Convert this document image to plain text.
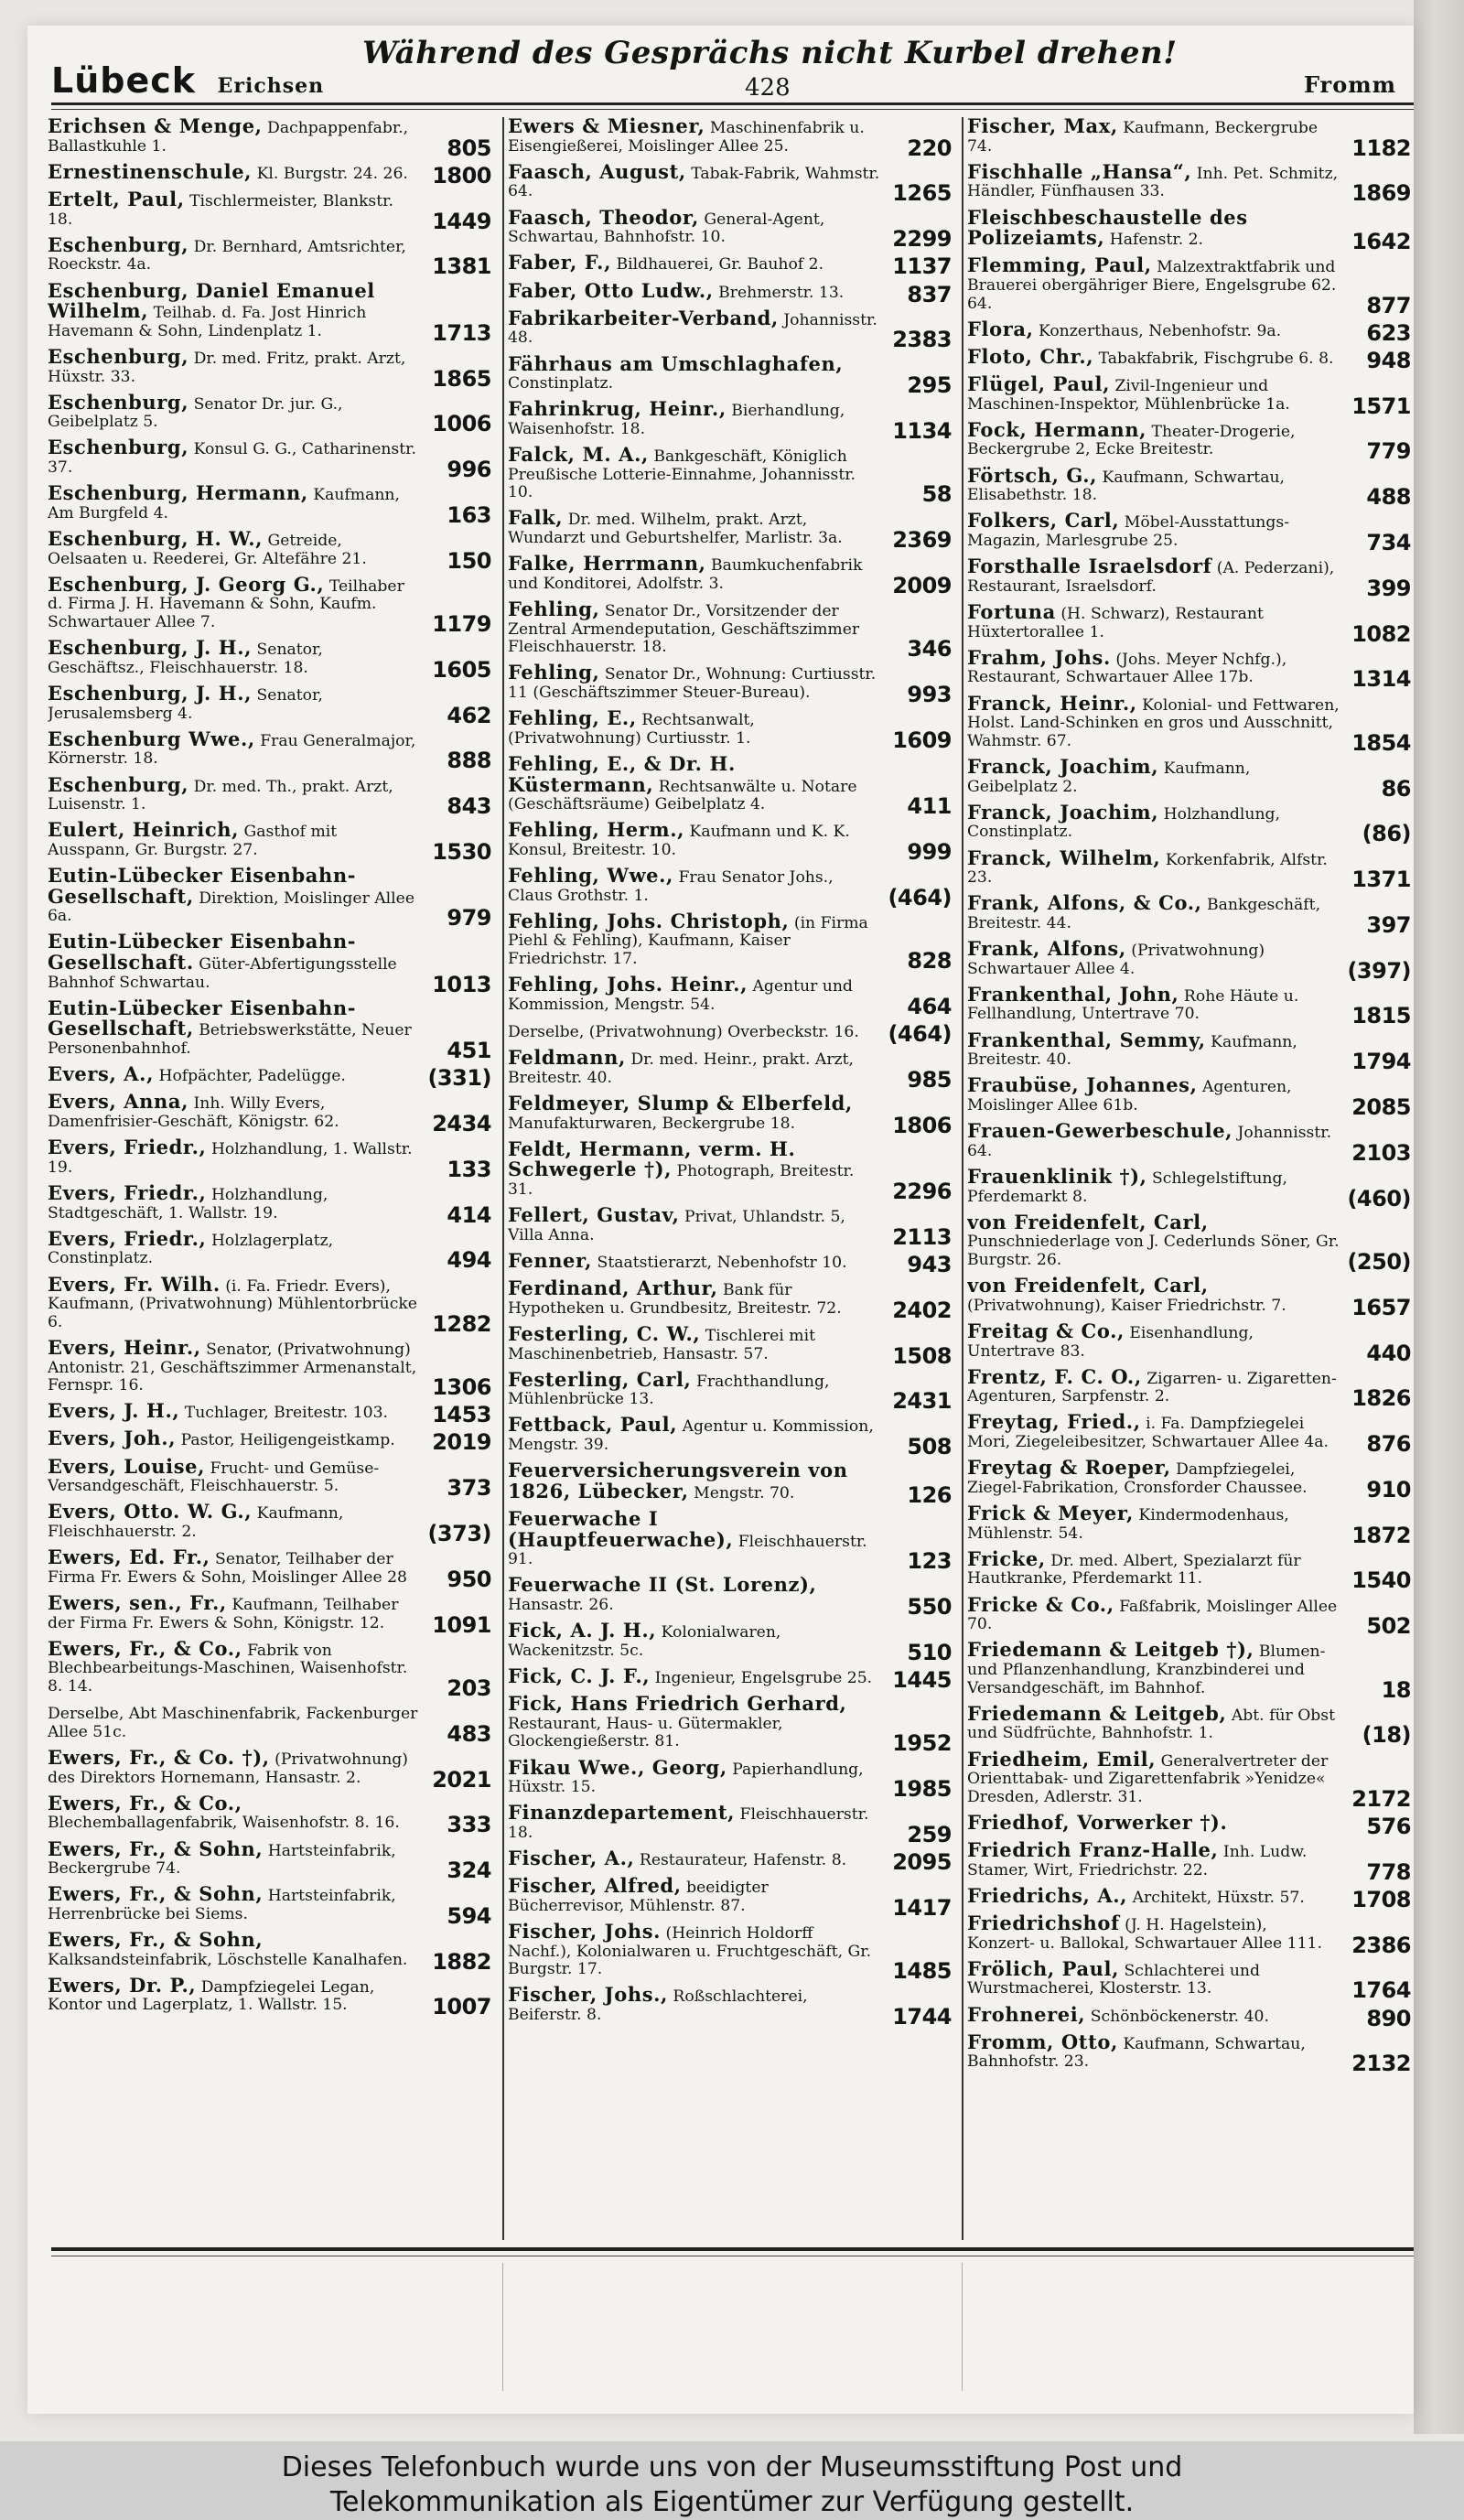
Lübeck Erichsen
Während des Gesprächs nicht Kurbel drehen!
428	Fromm
Erichsen & Menge, Dachpappenfabr., Ballastkuhle 1.	805
Ernestinenschule, Kl. Burgstr. 24. 26.	1800
Ertelt, Paul, Tischlermeister, Blankstr. 18.	1449
Eschenburg, Dr. Bernhard, Amtsrichter, Roeckstr. 4a.	1381
Eschenburg, Daniel Emanuel Wilhelm, Teilhab. d. Fa. Jost Hinrich Havemann & Sohn, Lindenplatz 1.	1713
Eschenburg, Dr. med. Fritz, prakt. Arzt, Hüxstr. 33.	1865
Eschenburg, Senator Dr. jur. G., Geibelplatz 5.	1006
Eschenburg, Konsul G. G., Catharinenstr. 37.	996
Eschenburg, Hermann, Kaufmann, Am Burgfeld 4.	163
Eschenburg, H. W., Getreide, Oelsaaten u. Reederei, Gr. Altefähre 21.	150
Eschenburg, J. Georg G., Teilhaber d. Firma J. H. Havemann & Sohn, Kaufm. Schwartauer Allee 7.	1179
Eschenburg, J. H., Senator, Geschäftsz., Fleischhauerstr. 18.	1605
Eschenburg, J. H., Senator, Jerusalemsberg 4.	462
Eschenburg Wwe., Frau Generalmajor, Körnerstr. 18.	888
Eschenburg, Dr. med. Th., prakt. Arzt, Luisenstr. 1.	843
Eulert, Heinrich, Gasthof mit Ausspann, Gr. Burgstr. 27.	1530
Eutin-Lübecker Eisenbahn-Gesellschaft, Direktion, Moislinger Allee 6a.	979
Eutin-Lübecker Eisenbahn-Gesellschaft. Güter-Abfertigungsstelle Bahnhof Schwartau.	1013
Eutin-Lübecker Eisenbahn-Gesellschaft, Betriebswerkstätte, Neuer Personenbahnhof.	451
Evers, A., Hofpächter, Padelügge.	(331)
Evers, Anna, Inh. Willy Evers, Damenfrisier-Geschäft, Königstr. 62.	2434
Evers, Friedr., Holzhandlung, 1. Wallstr. 19.	133
Evers, Friedr., Holzhandlung, Stadtgeschäft, 1. Wallstr. 19.	414
Evers, Friedr., Holzlagerplatz, Constinplatz.	494
Evers, Fr. Wilh. (i. Fa. Friedr. Evers), Kaufmann, (Privatwohnung) Mühlentorbrücke 6.	1282
Evers, Heinr., Senator, (Privatwohnung) Antonistr. 21, Geschäftszimmer Armenanstalt, Fernspr. 16.	1306
Evers, J. H., Tuchlager, Breitestr. 103.	1453
Evers, Joh., Pastor, Heiligengeistkamp.	2019
Evers, Louise, Frucht- und Gemüse-Versandgeschäft, Fleischhauerstr. 5.	373
Evers, Otto. W. G., Kaufmann, Fleischhauerstr. 2.	(373)
Ewers, Ed. Fr., Senator, Teilhaber der Firma Fr. Ewers & Sohn, Moislinger Allee 28	950
Ewers, sen., Fr., Kaufmann, Teilhaber der Firma Fr. Ewers & Sohn, Königstr. 12.	1091
Ewers, Fr., & Co., Fabrik von Blechbearbeitungs-Maschinen, Waisenhofstr. 8. 14.	203
Derselbe, Abt Maschinenfabrik, Fackenburger Allee 51c.	483
Ewers, Fr., & Co. †), (Privatwohnung) des Direktors Hornemann, Hansastr. 2.	2021
Ewers, Fr., & Co., Blechemballagenfabrik, Waisenhofstr. 8. 16.	333
Ewers, Fr., & Sohn, Hartsteinfabrik, Beckergrube 74.	324
Ewers, Fr., & Sohn, Hartsteinfabrik, Herrenbrücke bei Siems.	594
Ewers, Fr., & Sohn, Kalksandsteinfabrik, Löschstelle Kanalhafen.	1882
Ewers, Dr. P., Dampfziegelei Legan, Kontor und Lagerplatz, 1. Wallstr. 15.	1007
Ewers & Miesner, Maschinenfabrik u. Eisengießerei, Moislinger Allee 25.	220
Faasch, August, Tabak-Fabrik, Wahmstr. 64.	1265
Faasch, Theodor, General-Agent, Schwartau, Bahnhofstr. 10.	2299
Faber, F., Bildhauerei, Gr. Bauhof 2.	1137
Faber, Otto Ludw., Brehmerstr. 13.	837
Fabrikarbeiter-Verband, Johannisstr. 48.	2383
Fährhaus am Umschlaghafen, Constinplatz.	295
Fahrinkrug, Heinr., Bierhandlung, Waisenhofstr. 18.	1134
Falck, M. A., Bankgeschäft, Königlich Preußische Lotterie-Einnahme, Johannisstr. 10.	58
Falk, Dr. med. Wilhelm, prakt. Arzt, Wundarzt und Geburtshelfer, Marlistr. 3a.	2369
Falke, Herrmann, Baumkuchenfabrik und Konditorei, Adolfstr. 3.	2009
Fehling, Senator Dr., Vorsitzender der Zentral Armendeputation, Geschäftszimmer Fleischhauerstr. 18.	346
Fehling, Senator Dr., Wohnung: Curtiusstr. 11 (Geschäftszimmer Steuer-Bureau).	993
Fehling, E., Rechtsanwalt, (Privatwohnung) Curtiusstr. 1.	1609
Fehling, E., & Dr. H. Küstermann, Rechtsanwälte u. Notare (Geschäftsräume) Geibelplatz 4.	411
Fehling, Herm., Kaufmann und K. K. Konsul, Breitestr. 10.	999
Fehling, Wwe., Frau Senator Johs., Claus Grothstr. 1.	(464)
Fehling, Johs. Christoph, (in Firma Piehl & Fehling), Kaufmann, Kaiser Friedrichstr. 17.	828
Fehling, Johs. Heinr., Agentur und Kommission, Mengstr. 54.	464
Derselbe, (Privatwohnung) Overbeckstr. 16.	(464)
Feldmann, Dr. med. Heinr., prakt. Arzt, Breitestr. 40.	985
Feldmeyer, Slump & Elberfeld, Manufakturwaren, Beckergrube 18.	1806
Feldt, Hermann, verm. H. Schwegerle †), Photograph, Breitestr. 31.	2296
Fellert, Gustav, Privat, Uhlandstr. 5, Villa Anna.	2113
Fenner, Staatstierarzt, Nebenhofstr 10.	943
Ferdinand, Arthur, Bank für Hypotheken u. Grundbesitz, Breitestr. 72.	2402
Festerling, C. W., Tischlerei mit Maschinenbetrieb, Hansastr. 57.	1508
Festerling, Carl, Frachthandlung, Mühlenbrücke 13.	2431
Fettback, Paul, Agentur u. Kommission, Mengstr. 39.	508
Feuerversicherungsverein von 1826, Lübecker, Mengstr. 70.	126
Feuerwache I (Hauptfeuerwache), Fleischhauerstr. 91.	123
Feuerwache II (St. Lorenz), Hansastr. 26.	550
Fick, A. J. H., Kolonialwaren, Wackenitzstr. 5c.	510
Fick, C. J. F., Ingenieur, Engelsgrube 25. 1445
Fick, Hans Friedrich Gerhard, Restaurant, Haus- u. Gütermakler, Glockengießerstr. 81.	1952
Fikau Wwe., Georg, Papierhandlung, Hüxstr. 15.	1985
Finanzdepartement, Fleischhauerstr. 18.	259
Fischer, A., Restaurateur, Hafenstr. 8.	2095
Fischer, Alfred, beeidigter Bücherrevisor, Mühlenstr. 87.	1417
Fischer, Johs. (Heinrich Holdorff Nachf.), Kolonialwaren u. Fruchtgeschäft, Gr. Burgstr. 17.	1485
Fischer, Johs., Roßschlachterei, Beiferstr. 8.	1744
Fischer, Max, Kaufmann, Beckergrube 74.	1182
Fischhalle „Hansa“, Inh. Pet. Schmitz, Händler, Fünfhausen 33.	1869
Fleischbeschaustelle des Polizeiamts, Hafenstr. 2.	1642
Flemming, Paul, Malzextraktfabrik und Brauerei obergähriger Biere, Engelsgrube 62. 64.	877
Flora, Konzerthaus, Nebenhofstr. 9a.	623
Floto, Chr., Tabakfabrik, Fischgrube 6. 8.	948
Flügel, Paul, Zivil-Ingenieur und Maschinen-Inspektor, Mühlenbrücke 1a.	1571
Fock, Hermann, Theater-Drogerie, Beckergrube 2, Ecke Breitestr.	779
Förtsch, G., Kaufmann, Schwartau, Elisabethstr. 18.	488
Folkers, Carl, Möbel-Ausstattungs-Magazin, Marlesgrube 25.	734
Forsthalle Israelsdorf (A. Pederzani), Restaurant, Israelsdorf.	399
Fortuna (H. Schwarz), Restaurant Hüxtertorallee 1.	1082
Frahm, Johs. (Johs. Meyer Nchfg.), Restaurant, Schwartauer Allee 17b.	1314
Franck, Heinr., Kolonial- und Fettwaren, Holst. Land-Schinken en gros und Ausschnitt, Wahmstr. 67.	1854
Franck, Joachim, Kaufmann, Geibelplatz 2.	86
Franck, Joachim, Holzhandlung, Constinplatz.	(86)
Franck, Wilhelm, Korkenfabrik, Alfstr. 23.	1371
Frank, Alfons, & Co., Bankgeschäft, Breitestr. 44.	397
Frank, Alfons, (Privatwohnung) Schwartauer Allee 4.	(397)
Frankenthal, John, Rohe Häute u. Fellhandlung, Untertrave 70.	1815
Frankenthal, Semmy, Kaufmann, Breitestr. 40.	1794
Fraubüse, Johannes, Agenturen, Moislinger Allee 61b.	2085
Frauen-Gewerbeschule, Johannisstr. 64.	2103
Frauenklinik †), Schlegelstiftung, Pferdemarkt 8.	(460)
von Freidenfelt, Carl, Punschniederlage von J. Cederlunds Söner, Gr. Burgstr. 26.	(250)
von Freidenfelt, Carl, (Privatwohnung), Kaiser Friedrichstr. 7.	1657
Freitag & Co., Eisenhandlung, Untertrave 83.	440
Frentz, F. C. O., Zigarren- u. Zigaretten-Agenturen, Sarpfenstr. 2.	1826
Freytag, Fried., i. Fa. Dampfziegelei Mori, Ziegeleibesitzer, Schwartauer Allee 4a.	876
Freytag & Roeper, Dampfziegelei, Ziegel-Fabrikation, Cronsforder Chaussee.	910
Frick & Meyer, Kindermodenhaus, Mühlenstr. 54.	1872
Fricke, Dr. med. Albert, Spezialarzt für Hautkranke, Pferdemarkt 11.	1540
Fricke & Co., Faßfabrik, Moislinger Allee 70.	502
Friedemann & Leitgeb †), Blumen- und Pflanzenhandlung, Kranzbinderei und Versandgeschäft, im Bahnhof.	18
Friedemann & Leitgeb, Abt. für Obst und Südfrüchte, Bahnhofstr. 1.	(18)
Friedheim, Emil, Generalvertreter der Orienttabak- und Zigarettenfabrik »Yenidze« Dresden, Adlerstr. 31.	2172
Friedhof, Vorwerker †).	576
Friedrich Franz-Halle, Inh. Ludw. Stamer, Wirt, Friedrichstr. 22.	778
Friedrichs, A., Architekt, Hüxstr. 57.	1708
Friedrichshof (J. H. Hagelstein), Konzert- u. Ballokal, Schwartauer Allee 111.	2386
Frölich, Paul, Schlachterei und Wurstmacherei, Klosterstr. 13.	1764
Frohnerei, Schönböckenerstr. 40.	890
Fromm, Otto, Kaufmann, Schwartau, Bahnhofstr. 23.	2132
Dieses Telefonbuch wurde uns von der Museumsstiftung Post und
Telekommunikation als Eigentümer zur Verfügung gestellt.
